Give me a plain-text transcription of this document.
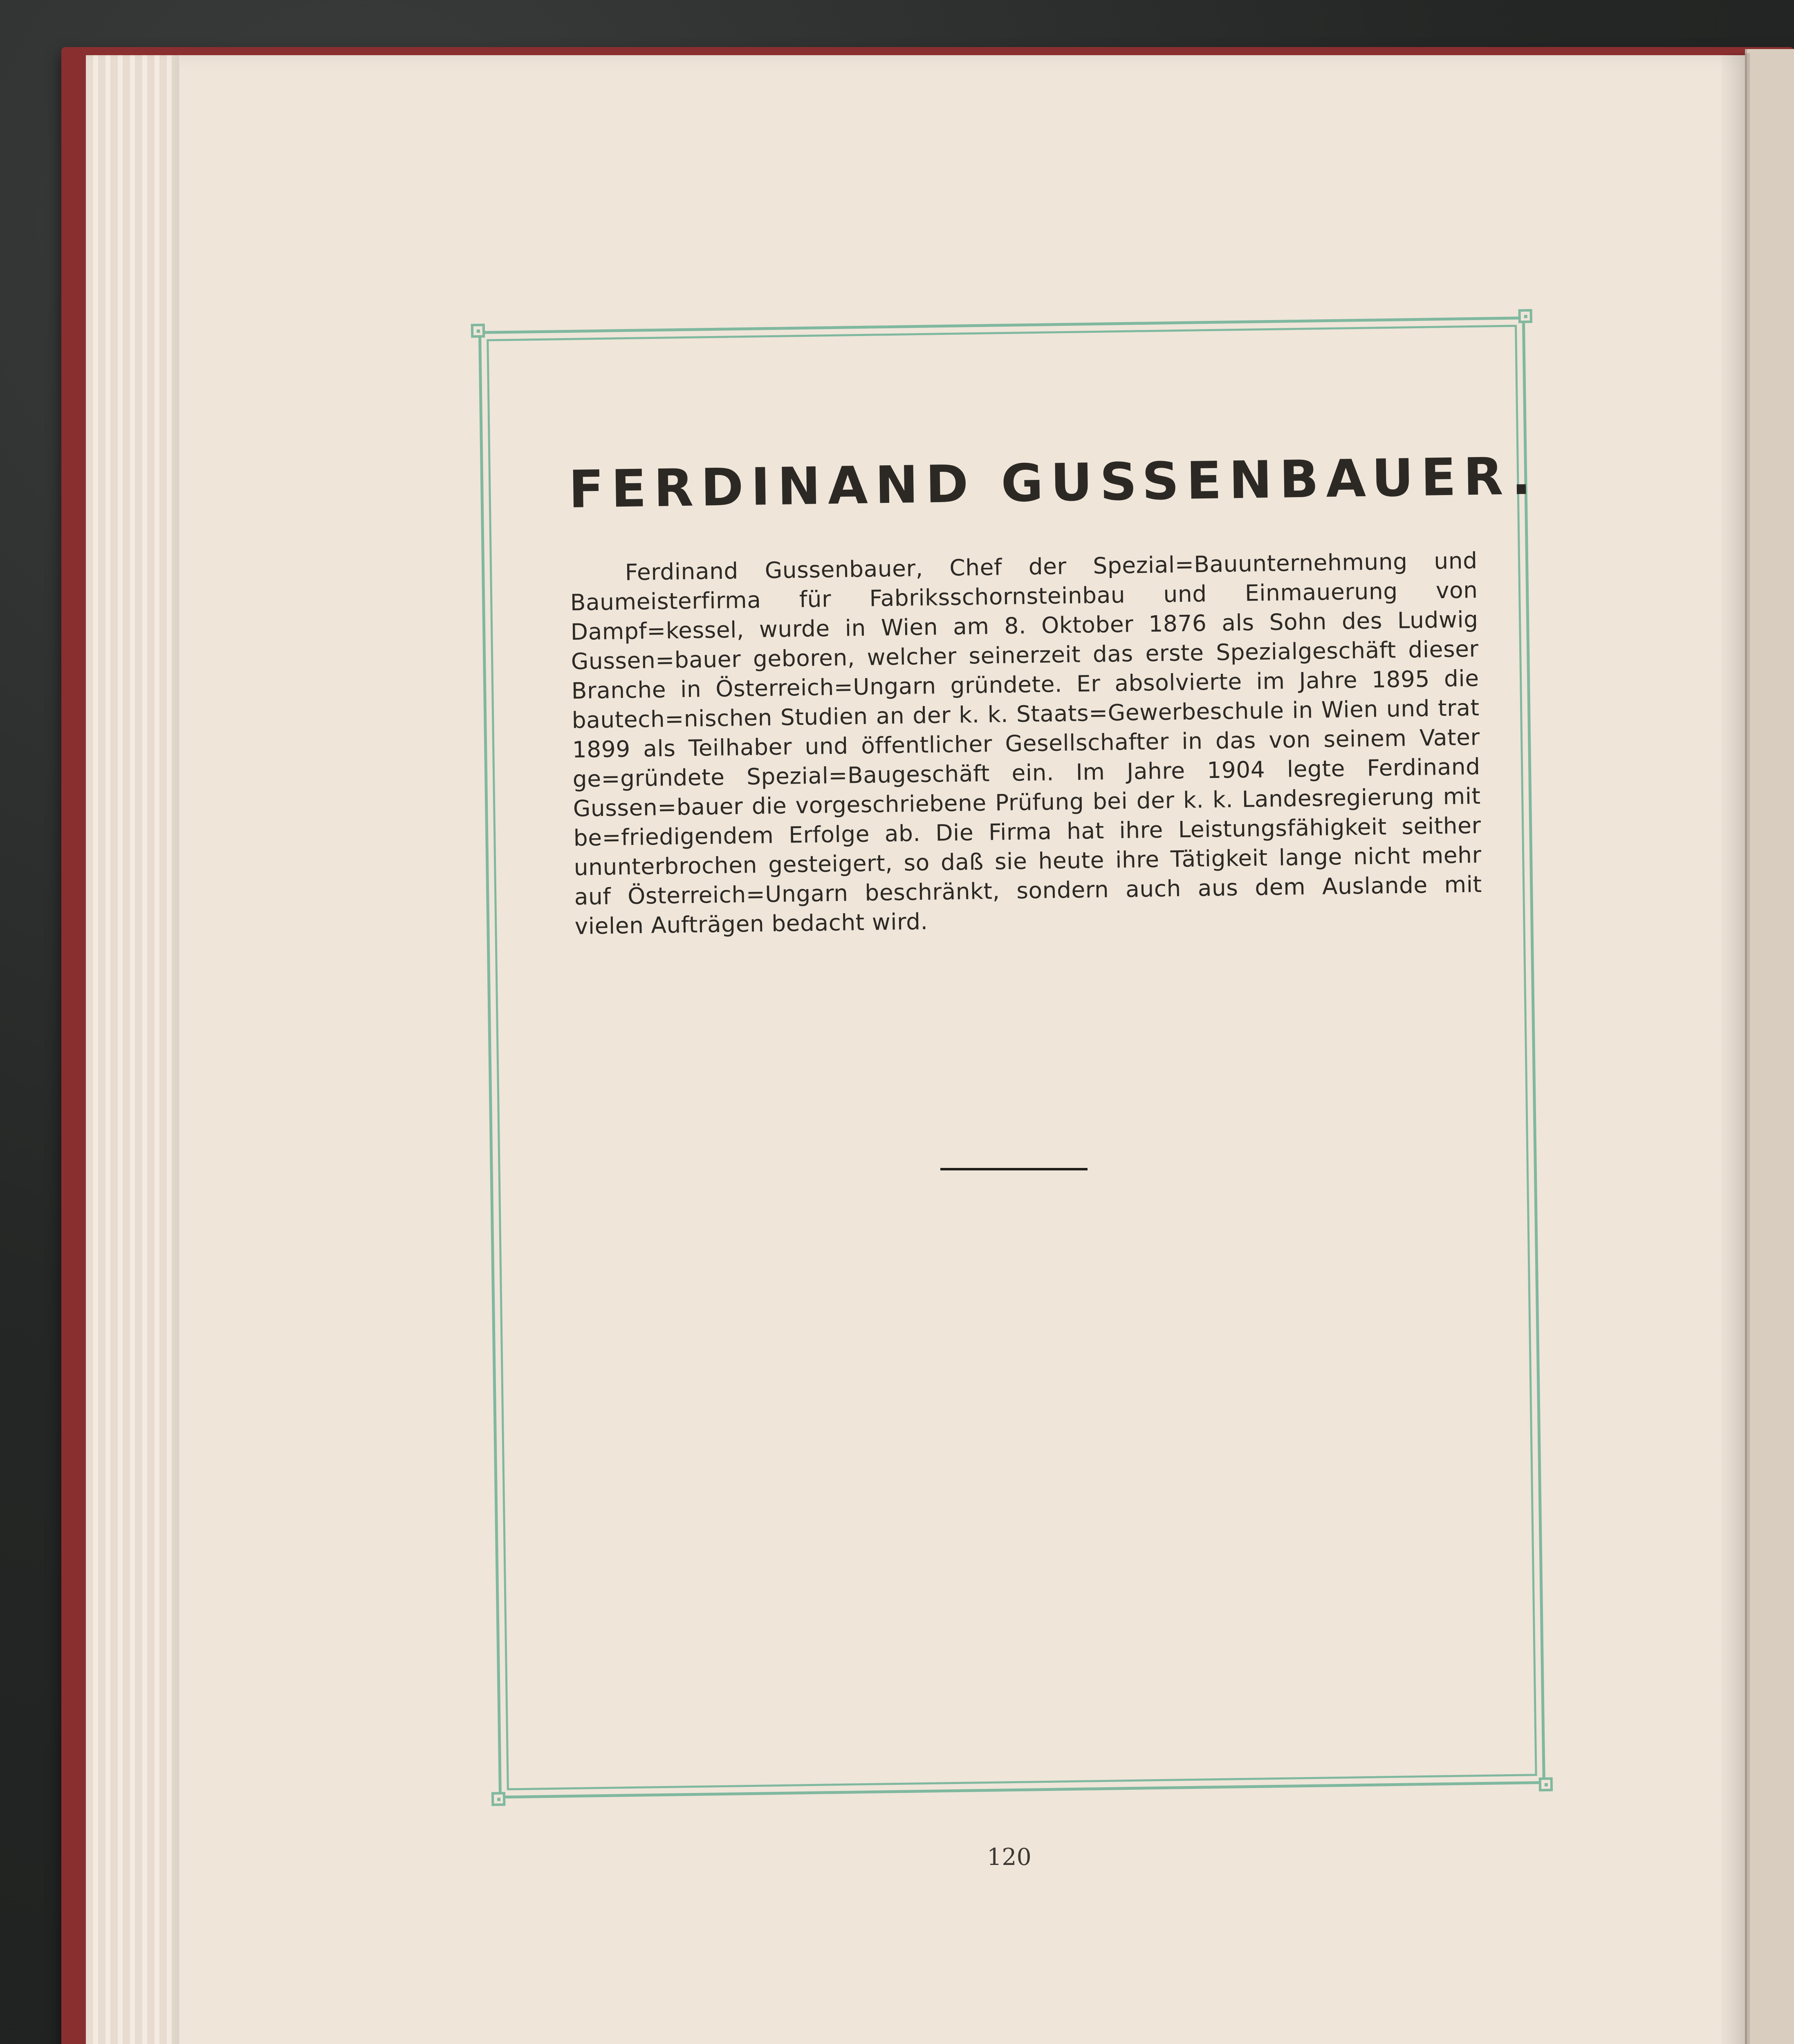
FERDINAND GUSSENBAUER.

Ferdinand Gussenbauer, Chef der Spezial=Bauunternehmung und Baumeisterfirma für Fabriksschornsteinbau und Einmauerung von Dampf=kessel, wurde in Wien am 8. Oktober 1876 als Sohn des Ludwig Gussen=bauer geboren, welcher seinerzeit das erste Spezialgeschäft dieser Branche in Österreich=Ungarn gründete. Er absolvierte im Jahre 1895 die bautech=nischen Studien an der k. k. Staats=Gewerbeschule in Wien und trat 1899 als Teilhaber und öffentlicher Gesellschafter in das von seinem Vater ge=gründete Spezial=Baugeschäft ein. Im Jahre 1904 legte Ferdinand Gussen=bauer die vorgeschriebene Prüfung bei der k. k. Landesregierung mit be=friedigendem Erfolge ab. Die Firma hat ihre Leistungsfähigkeit seither ununterbrochen gesteigert, so daß sie heute ihre Tätigkeit lange nicht mehr auf Österreich=Ungarn beschränkt, sondern auch aus dem Auslande mit vielen Aufträgen bedacht wird.

120
